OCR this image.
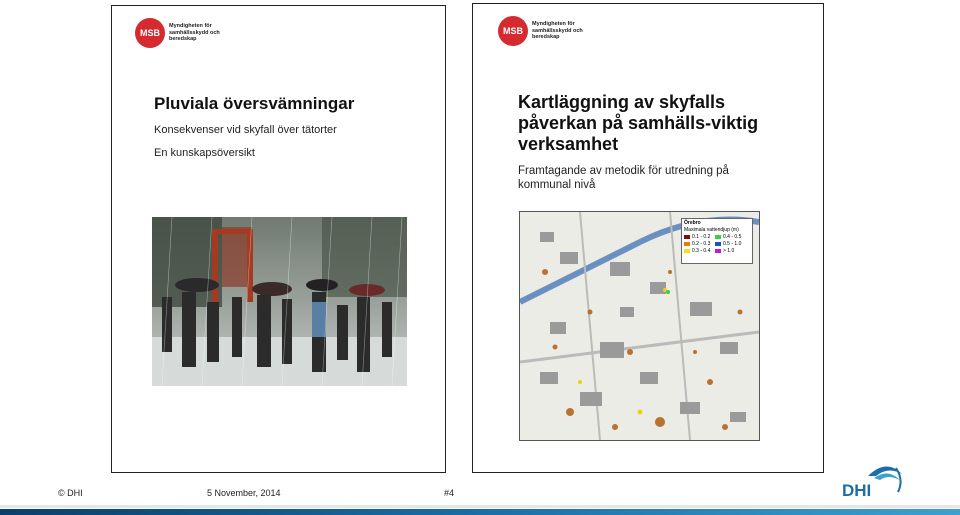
MSB
Myndigheten för samhällsskydd och beredskap
Pluviala översvämningar
Konsekvenser vid skyfall över tätorter
En kunskapsöversikt
MSB
Myndigheten för samhällsskydd och beredskap
Kartläggning av skyfalls påverkan på samhälls-viktig verksamhet
Framtagande av metodik för utredning på kommunal nivå
Örebro
Maximala vattendjup (m)
0.1 - 0.2	0.4 - 0.5
0.2 - 0.3	0.5 - 1.0
0.3 - 0.4	> 1.0
© DHI	5 November, 2014	#4	DHI
